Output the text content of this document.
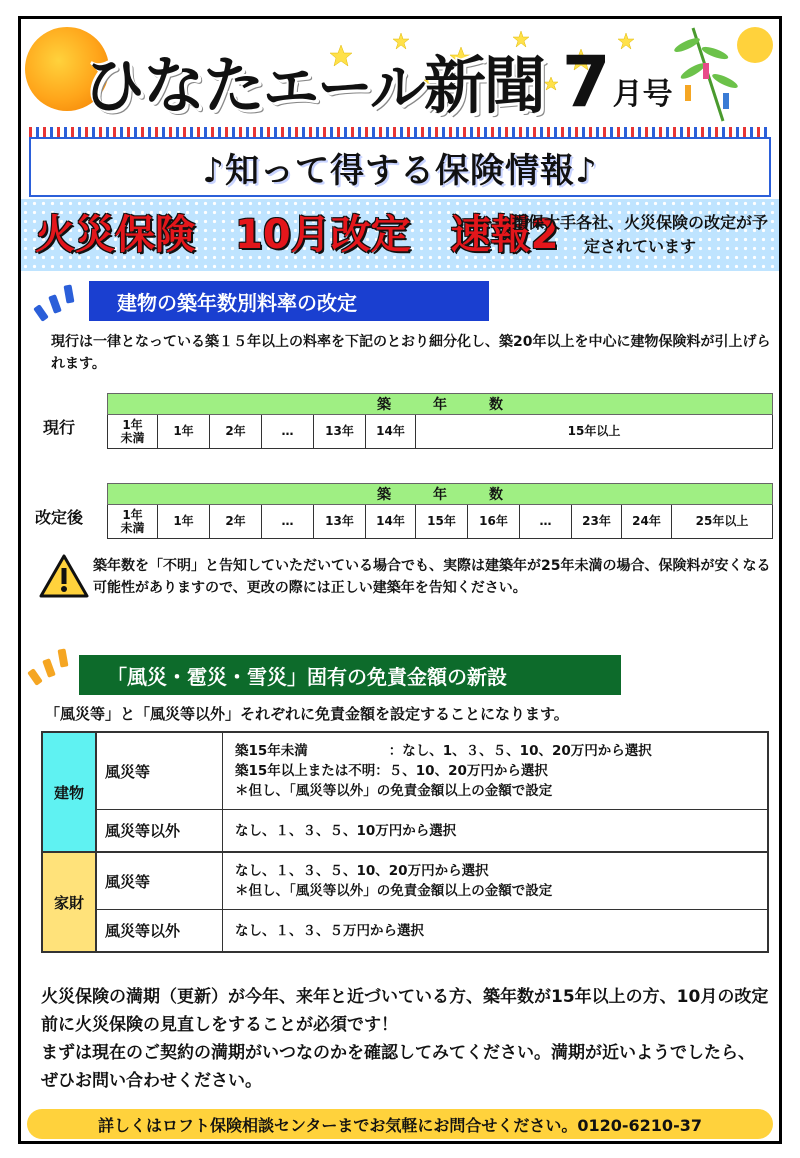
ひなた エール 新聞 7 月号
♪知って得する保険情報♪
火災保険　10月改定　速報2
損保大手各社、火災保険の改定が予定されています
建物の築年数別料率の改定
現行は一律となっている築１５年以上の料率を下記のとおり細分化し、築20年以上を中心に建物保険料が引上げられます。
現行
築　年　数
1年
未満	1年	2年	…	13年	14年	15年以上
改定後
築　年　数
1年
未満	1年	2年	…	13年	14年	15年	16年	…	23年	24年	25年以上
築年数を「不明」と告知していただいている場合でも、実際は建築年が25年未満の場合、保険料が安くなる可能性がありますので、更改の際には正しい建築年を告知ください。
「風災・雹災・雪災」固有の免責金額の新設
「風災等」と「風災等以外」それぞれに免責金額を設定することになります。
建物
風災等
築15年未満　　　　　　：なし、1、３、５、10、20万円から選択
築15年以上または不明：５、10、20万円から選択
＊但し、「風災等以外」の免責金額以上の金額で設定
風災等以外	なし、１、３、５、10万円から選択
家財
風災等
なし、１、３、５、10、20万円から選択
＊但し、「風災等以外」の免責金額以上の金額で設定
風災等以外	なし、１、３、５万円から選択
火災保険の満期（更新）が今年、来年と近づいている方、築年数が15年以上の方、10月の改定前に火災保険の見直しをすることが必須です！
まずは現在のご契約の満期がいつなのかを確認してみてください。満期が近いようでしたら、ぜひお問い合わせください。
詳しくはロフト保険相談センターまでお気軽にお問合せください。0120-6210-37
